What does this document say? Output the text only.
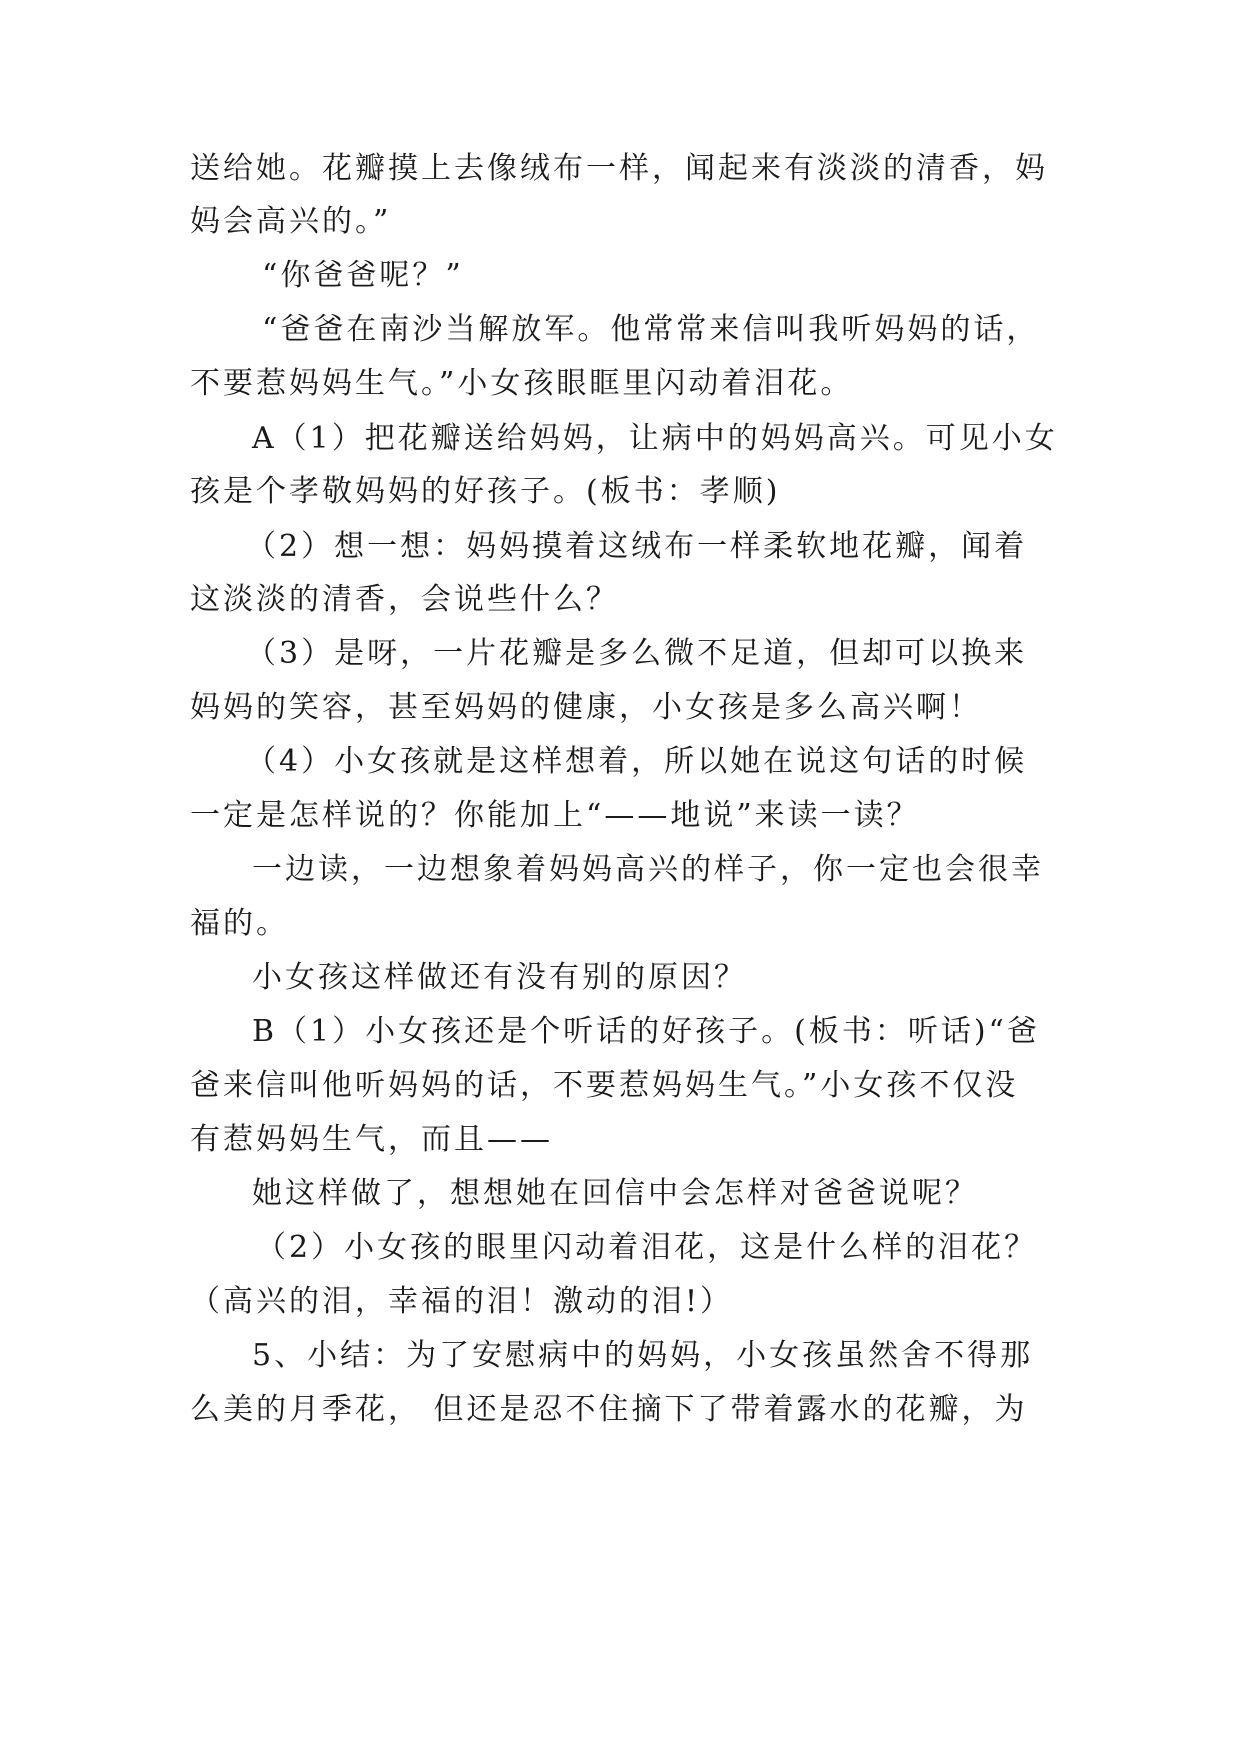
送给她。花瓣摸上去像绒布一样，闻起来有淡淡的清香，妈
妈会高兴的。”
“你爸爸呢？”
“爸爸在南沙当解放军。他常常来信叫我听妈妈的话，
不要惹妈妈生气。”小女孩眼眶里闪动着泪花。
A（1）把花瓣送给妈妈，让病中的妈妈高兴。可见小女
孩是个孝敬妈妈的好孩子。(板书：孝顺)
（2）想一想：妈妈摸着这绒布一样柔软地花瓣，闻着
这淡淡的清香，会说些什么？
（3）是呀，一片花瓣是多么微不足道，但却可以换来
妈妈的笑容，甚至妈妈的健康，小女孩是多么高兴啊！
（4）小女孩就是这样想着，所以她在说这句话的时候
一定是怎样说的？你能加上“——地说”来读一读？
一边读，一边想象着妈妈高兴的样子，你一定也会很幸
福的。
小女孩这样做还有没有别的原因？
B（1）小女孩还是个听话的好孩子。(板书：听话)“爸
爸来信叫他听妈妈的话，不要惹妈妈生气。”小女孩不仅没
有惹妈妈生气，而且——
她这样做了，想想她在回信中会怎样对爸爸说呢？
（2）小女孩的眼里闪动着泪花，这是什么样的泪花？
（高兴的泪，幸福的泪！激动的泪!）
5、小结：为了安慰病中的妈妈，小女孩虽然舍不得那
么美的月季花， 但还是忍不住摘下了带着露水的花瓣，为
